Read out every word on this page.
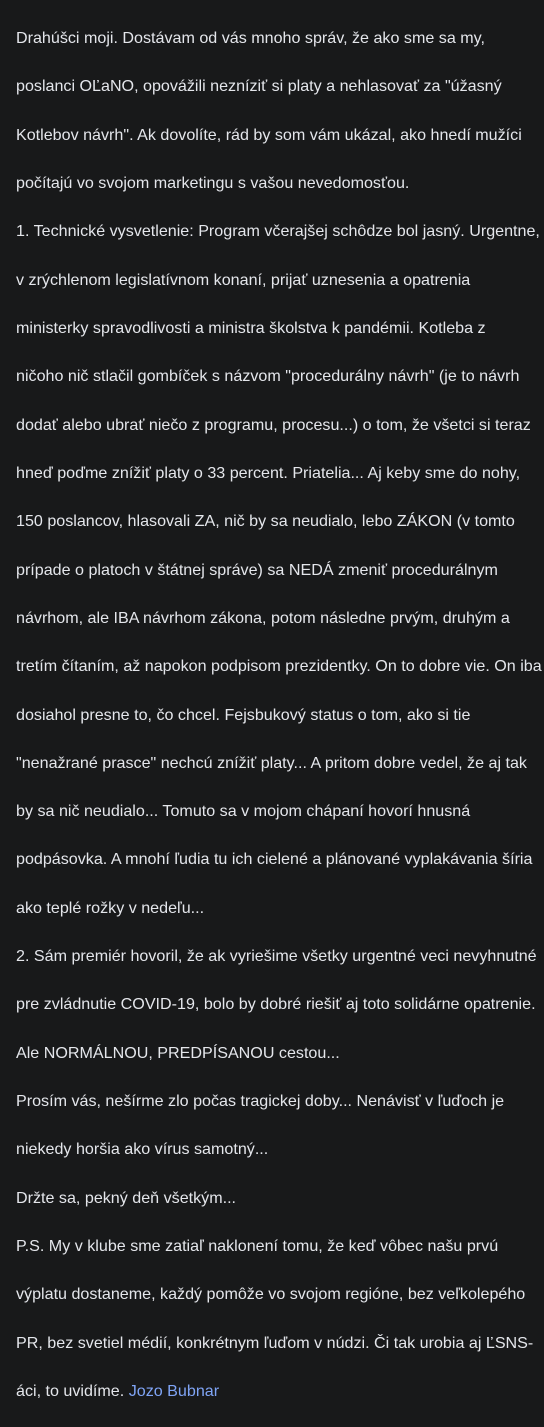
Drahúšci moji. Dostávam od vás mnoho správ, že ako sme sa my,

poslanci OĽaNO, opovážili nezníziť si platy a nehlasovať za "úžasný

Kotlebov návrh". Ak dovolíte, rád by som vám ukázal, ako hnedí mužíci

počítajú vo svojom marketingu s vašou nevedomosťou.

1. Technické vysvetlenie: Program včerajšej schôdze bol jasný. Urgentne,

v zrýchlenom legislatívnom konaní, prijať uznesenia a opatrenia

ministerky spravodlivosti a ministra školstva k pandémii. Kotleba z

ničoho nič stlačil gombíček s názvom "procedurálny návrh" (je to návrh

dodať alebo ubrať niečo z programu, procesu...) o tom, že všetci si teraz

hneď poďme znížiť platy o 33 percent. Priatelia... Aj keby sme do nohy,

150 poslancov, hlasovali ZA, nič by sa neudialo, lebo ZÁKON (v tomto

prípade o platoch v štátnej správe) sa NEDÁ zmeniť procedurálnym

návrhom, ale IBA návrhom zákona, potom následne prvým, druhým a

tretím čítaním, až napokon podpisom prezidentky. On to dobre vie. On iba

dosiahol presne to, čo chcel. Fejsbukový status o tom, ako si tie

"nenažrané prasce" nechcú znížiť platy... A pritom dobre vedel, že aj tak

by sa nič neudialo... Tomuto sa v mojom chápaní hovorí hnusná

podpásovka. A mnohí ľudia tu ich cielené a plánované vyplakávania šíria

ako teplé rožky v nedeľu...

2. Sám premiér hovoril, že ak vyriešime všetky urgentné veci nevyhnutné

pre zvládnutie COVID-19, bolo by dobré riešiť aj toto solidárne opatrenie.

Ale NORMÁLNOU, PREDPÍSANOU cestou...

Prosím vás, nešírme zlo počas tragickej doby... Nenávisť v ľuďoch je

niekedy horšia ako vírus samotný...

Držte sa, pekný deň všetkým...

P.S. My v klube sme zatiaľ naklonení tomu, že keď vôbec našu prvú

výplatu dostaneme, každý pomôže vo svojom regióne, bez veľkolepého

PR, bez svetiel médií, konkrétnym ľuďom v núdzi. Či tak urobia aj ĽSNS-

áci, to uvidíme. Jozo Bubnar
